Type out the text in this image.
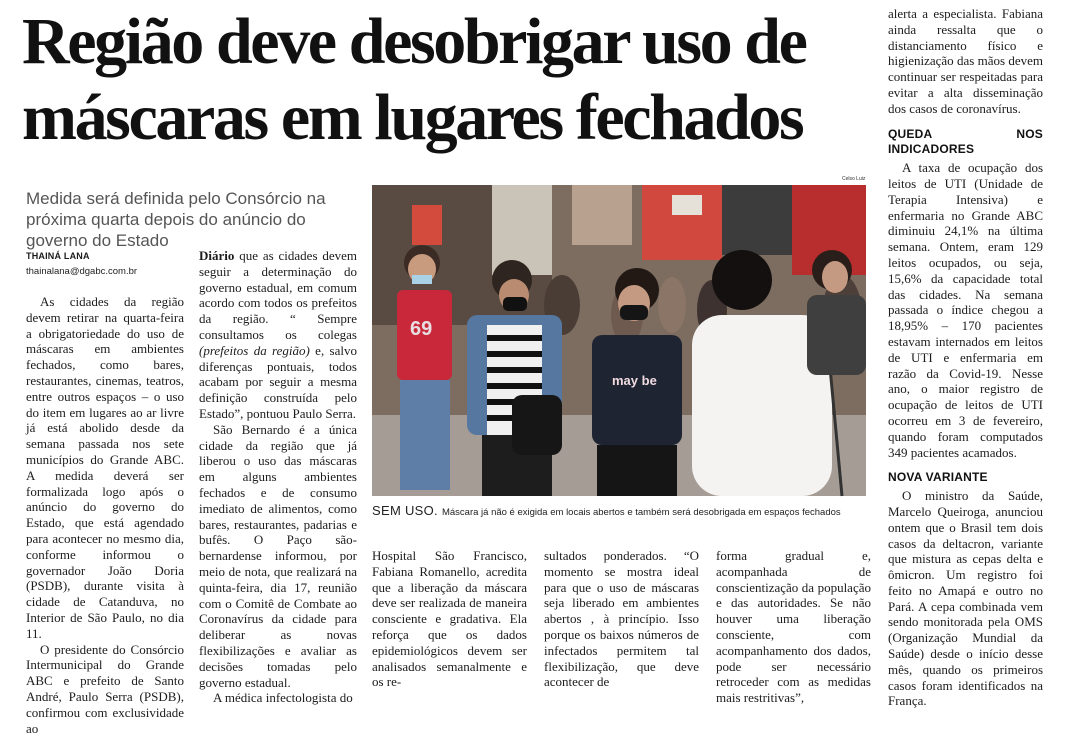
Região deve desobrigar uso de máscaras em lugares fechados
Medida será definida pelo Consórcio na próxima quarta depois do anúncio do governo do Estado
THAINÁ LANA
thainalana@dgabc.com.br

As cidades da região devem retirar na quarta-feira a obrigatoriedade do uso de máscaras em ambientes fechados, como bares, restaurantes, cinemas, teatros, entre outros espaços – o uso do item em lugares ao ar livre já está abolido desde da semana passada nos sete municípios do Grande ABC. A medida deverá ser formalizada logo após o anúncio do governo do Estado, que está agendado para acontecer no mesmo dia, conforme informou o governador João Doria (PSDB), durante visita à cidade de Catanduva, no Interior de São Paulo, no dia 11.

O presidente do Consórcio Intermunicipal do Grande ABC e prefeito de Santo André, Paulo Serra (PSDB), confirmou com exclusividade ao

Diário que as cidades devem seguir a determinação do governo estadual, em comum acordo com todos os prefeitos da região. “ Sempre consultamos os colegas (prefeitos da região) e, salvo diferenças pontuais, todos acabam por seguir a mesma definição construída pelo Estado”, pontuou Paulo Serra.

São Bernardo é a única cidade da região que já liberou o uso das máscaras em alguns ambientes fechados e de consumo imediato de alimentos, como bares, restaurantes, padarias e bufês. O Paço são-bernardense informou, por meio de nota, que realizará na quinta-feira, dia 17, reunião com o Comitê de Combate ao Coronavírus da cidade para deliberar as novas flexibilizações e avaliar as decisões tomadas pelo governo estadual.

A médica infectologista do

Celso Luiz
69
may be
SEM USO. Máscara já não é exigida em locais abertos e também será desobrigada em espaços fechados

Hospital São Francisco, Fabiana Romanello, acredita que a liberação da máscara deve ser realizada de maneira consciente e gradativa. Ela reforça que os dados epidemiológicos devem ser analisados semanalmente e os re-

sultados ponderados. “O momento se mostra ideal para que o uso de máscaras seja liberado em ambientes abertos , à princípio. Isso porque os baixos números de infectados permitem tal flexibilização, que deve acontecer de

forma gradual e, acompanhada de conscientização da população e das autoridades. Se não houver uma liberação consciente, com acompanhamento dos dados, pode ser necessário retroceder com as medidas mais restritivas”,

alerta a especialista. Fabiana ainda ressalta que o distanciamento físico e higienização das mãos devem continuar ser respeitadas para evitar a alta disseminação dos casos de coronavírus.

QUEDA NOS INDICADORES

A taxa de ocupação dos leitos de UTI (Unidade de Terapia Intensiva) e enfermaria no Grande ABC diminuiu 24,1% na última semana. Ontem, eram 129 leitos ocupados, ou seja, 15,6% da capacidade total das cidades. Na semana passada o índice chegou a 18,95% – 170 pacientes estavam internados em leitos de UTI e enfermaria em razão da Covid-19. Nesse ano, o maior registro de ocupação de leitos de UTI ocorreu em 3 de fevereiro, quando foram computados 349 pacientes acamados.

NOVA VARIANTE

O ministro da Saúde, Marcelo Queiroga, anunciou ontem que o Brasil tem dois casos da deltacron, variante que mistura as cepas delta e ômicron. Um registro foi feito no Amapá e outro no Pará. A cepa combinada vem sendo monitorada pela OMS (Organização Mundial da Saúde) desde o início desse mês, quando os primeiros casos foram identificados na França.
